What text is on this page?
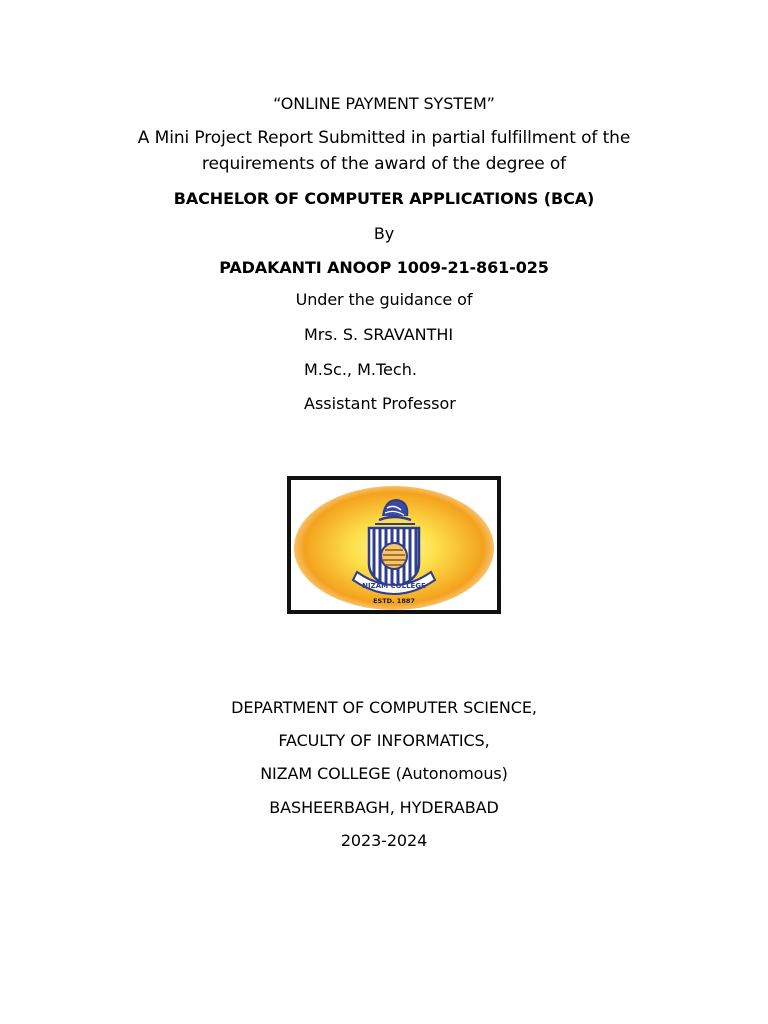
“ONLINE PAYMENT SYSTEM”
A Mini Project Report Submitted in partial fulfillment of the
requirements of the award of the degree of
BACHELOR OF COMPUTER APPLICATIONS (BCA)
By
PADAKANTI ANOOP 1009-21-861-025
Under the guidance of
Mrs. S. SRAVANTHI
M.Sc., M.Tech.
Assistant Professor
NIZAM COLLEGE
ESTD. 1887
DEPARTMENT OF COMPUTER SCIENCE,
FACULTY OF INFORMATICS,
NIZAM COLLEGE (Autonomous)
BASHEERBAGH, HYDERABAD
2023-2024
